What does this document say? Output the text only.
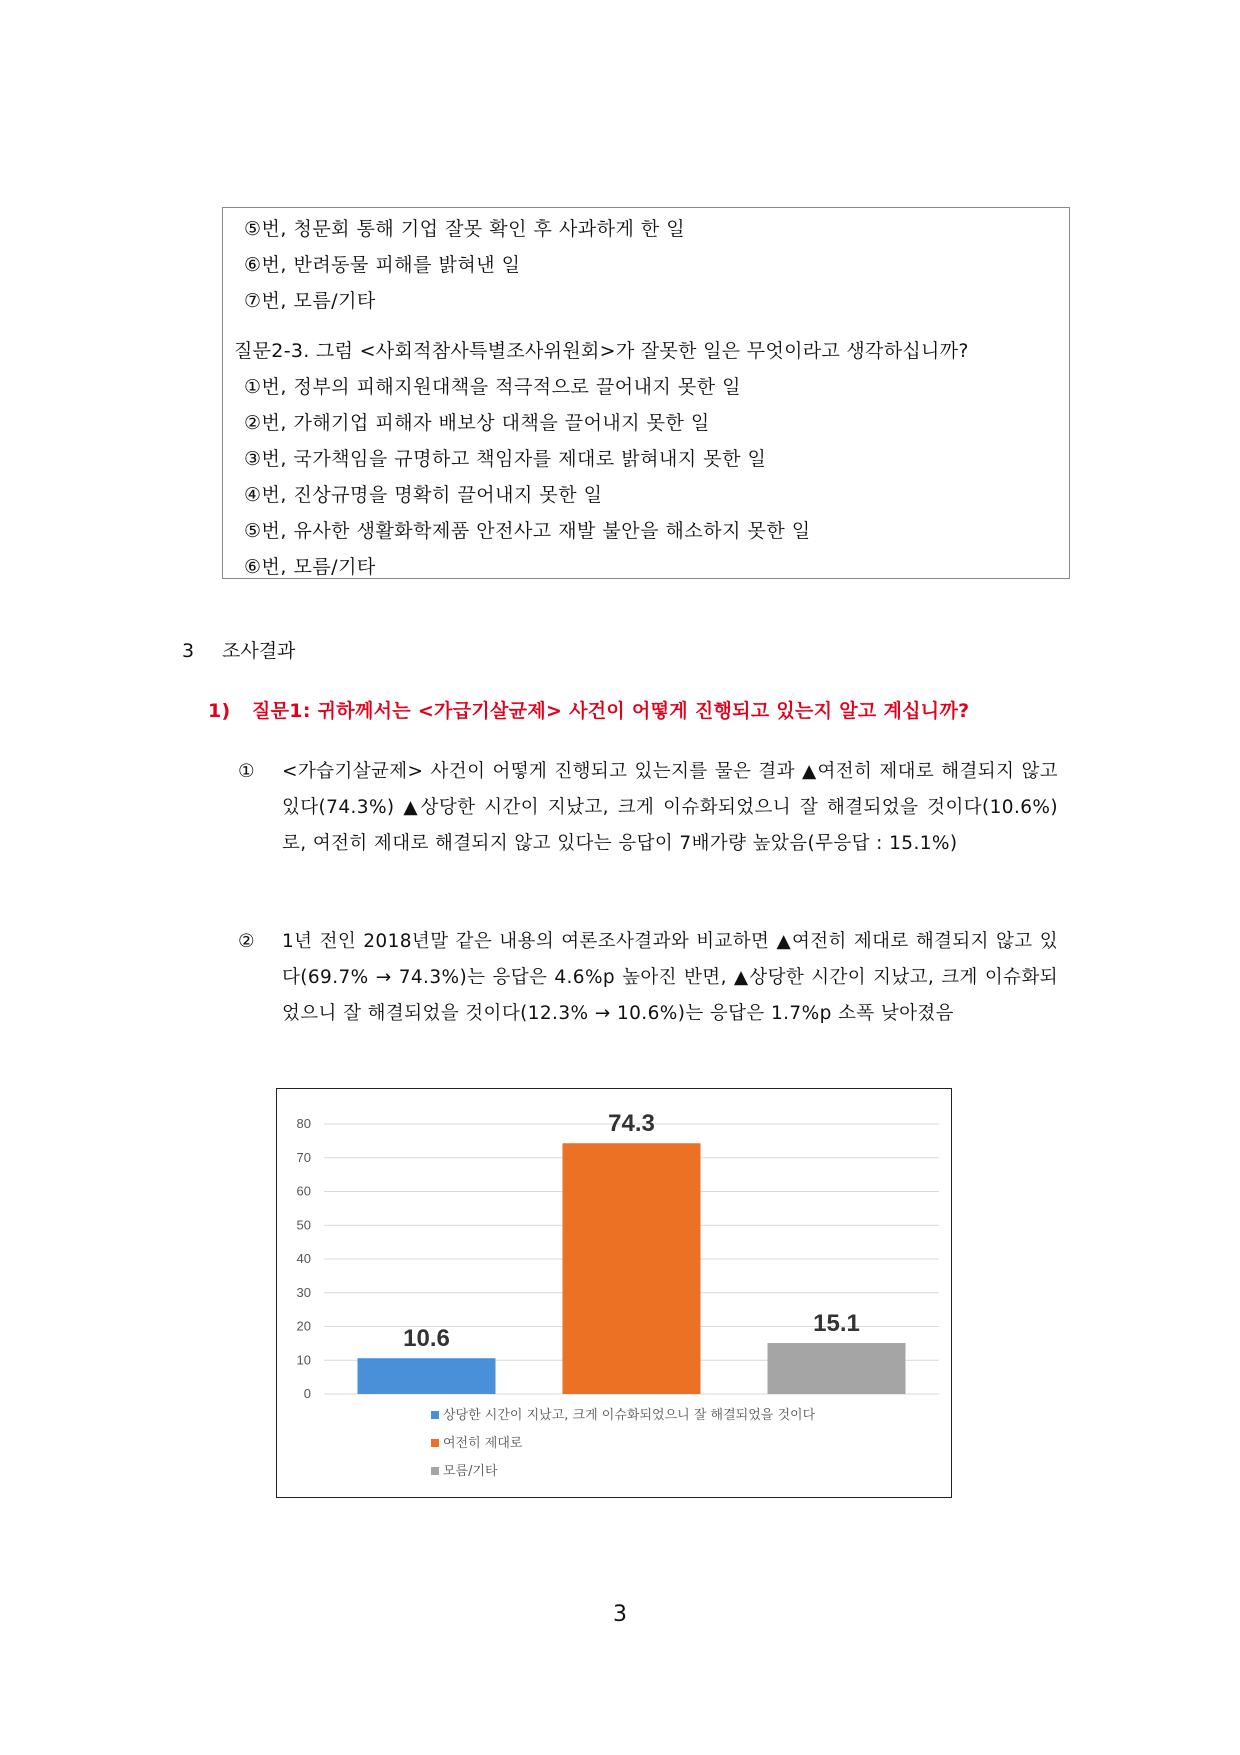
⑤번, 청문회 통해 기업 잘못 확인 후 사과하게 한 일
⑥번, 반려동물 피해를 밝혀낸 일
⑦번, 모름/기타
질문2-3. 그럼 <사회적참사특별조사위원회>가 잘못한 일은 무엇이라고 생각하십니까?
①번, 정부의 피해지원대책을 적극적으로 끌어내지 못한 일
②번, 가해기업 피해자 배보상 대책을 끌어내지 못한 일
③번, 국가책임을 규명하고 책임자를 제대로 밝혀내지 못한 일
④번, 진상규명을 명확히 끌어내지 못한 일
⑤번, 유사한 생활화학제품 안전사고 재발 불안을 해소하지 못한 일
⑥번, 모름/기타
3 조사결과
1) 질문1: 귀하께서는 <가급기살균제> 사건이 어떻게 진행되고 있는지 알고 계십니까?
① <가습기살균제> 사건이 어떻게 진행되고 있는지를 물은 결과 ▲여전히 제대로 해결되지 않고 있다(74.3%) ▲상당한 시간이 지났고, 크게 이슈화되었으니 잘 해결되었을 것이다(10.6%)로, 여전히 제대로 해결되지 않고 있다는 응답이 7배가량 높았음(무응답 : 15.1%)
② 1년 전인 2018년말 같은 내용의 여론조사결과와 비교하면 ▲여전히 제대로 해결되지 않고 있다(69.7% → 74.3%)는 응답은 4.6%p 높아진 반면, ▲상당한 시간이 지났고, 크게 이슈화되었으니 잘 해결되었을 것이다(12.3% → 10.6%)는 응답은 1.7%p 소폭 낮아졌음
0
10
20
30
40
50
60
70
80
10.6
74.3
15.1
상당한 시간이 지났고, 크게 이슈화되었으니 잘 해결되었을 것이다
여전히 제대로
모름/기타
3
